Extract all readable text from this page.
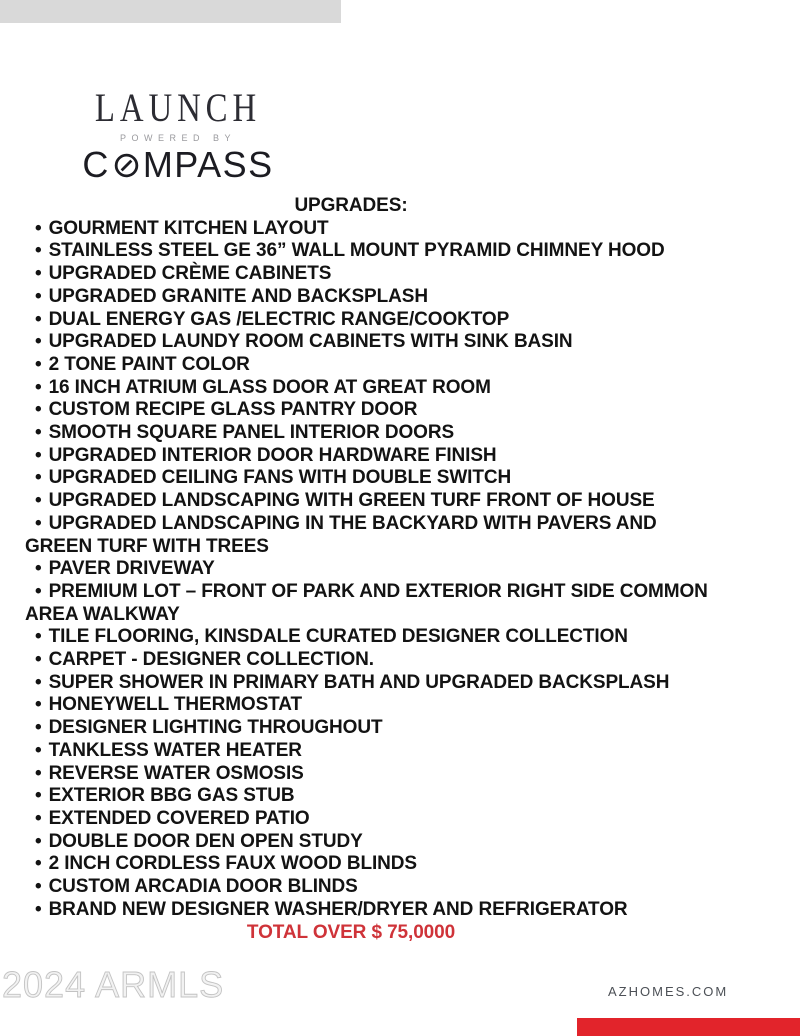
LAUNCH
POWERED BY
C MPASS
UPGRADES:
• GOURMENT KITCHEN LAYOUT
• STAINLESS STEEL GE 36” WALL MOUNT PYRAMID CHIMNEY HOOD
• UPGRADED CRÈME CABINETS
• UPGRADED GRANITE AND BACKSPLASH
• DUAL ENERGY GAS /ELECTRIC RANGE/COOKTOP
• UPGRADED LAUNDY ROOM CABINETS WITH SINK BASIN
• 2 TONE PAINT COLOR
• 16 INCH ATRIUM GLASS DOOR AT GREAT ROOM
• CUSTOM RECIPE GLASS PANTRY DOOR
• SMOOTH SQUARE PANEL INTERIOR DOORS
• UPGRADED INTERIOR DOOR HARDWARE FINISH
• UPGRADED CEILING FANS WITH DOUBLE SWITCH
• UPGRADED LANDSCAPING WITH GREEN TURF FRONT OF HOUSE
• UPGRADED LANDSCAPING IN THE BACKYARD WITH PAVERS AND GREEN TURF WITH TREES
• PAVER DRIVEWAY
• PREMIUM LOT – FRONT OF PARK AND EXTERIOR RIGHT SIDE COMMON AREA WALKWAY
• TILE FLOORING, KINSDALE CURATED DESIGNER COLLECTION
• CARPET - DESIGNER COLLECTION.
• SUPER SHOWER IN PRIMARY BATH AND UPGRADED BACKSPLASH
• HONEYWELL THERMOSTAT
• DESIGNER LIGHTING THROUGHOUT
• TANKLESS WATER HEATER
• REVERSE WATER OSMOSIS
• EXTERIOR BBG GAS STUB
• EXTENDED COVERED PATIO
• DOUBLE DOOR DEN OPEN STUDY
• 2 INCH CORDLESS FAUX WOOD BLINDS
• CUSTOM ARCADIA DOOR BLINDS
• BRAND NEW DESIGNER WASHER/DRYER AND REFRIGERATOR
TOTAL OVER $ 75,0000
2024 ARMLS	AZHOMES.COM
